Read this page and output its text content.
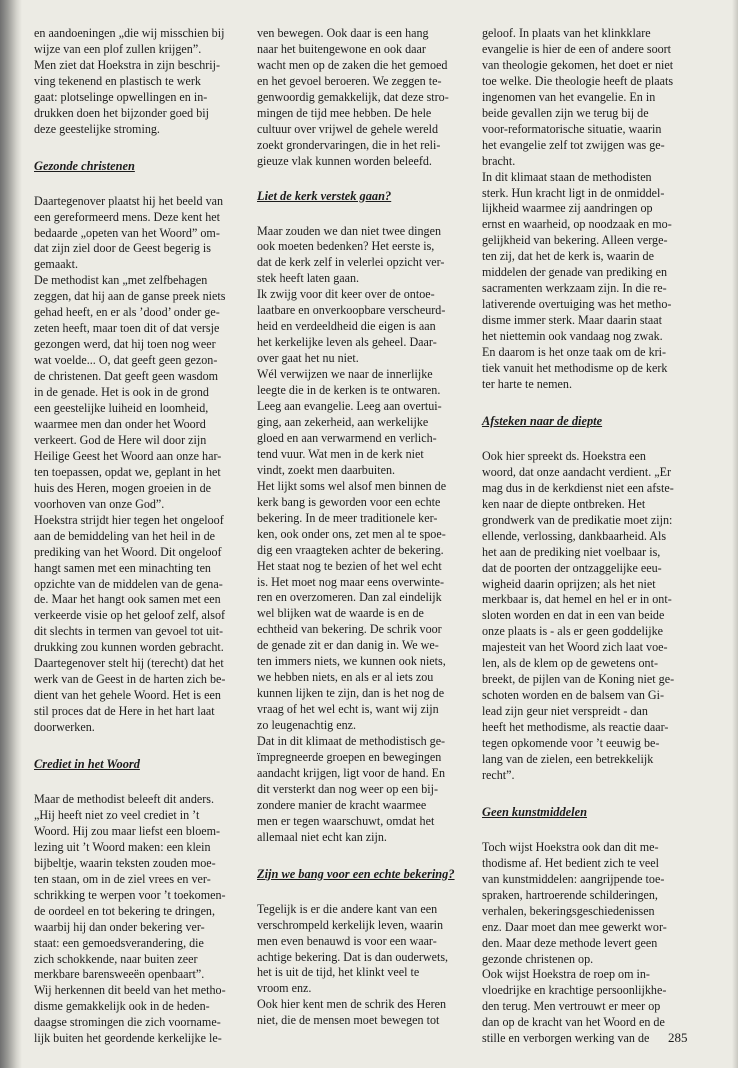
en aandoeningen „die wij misschien bij
wijze van een plof zullen krijgen”.
Men ziet dat Hoekstra in zijn beschrij-
ving tekenend en plastisch te werk
gaat: plotselinge opwellingen en in-
drukken doen het bijzonder goed bij
deze geestelijke stroming.

Gezonde christenen

Daartegenover plaatst hij het beeld van
een gereformeerd mens. Deze kent het
bedaarde „opeten van het Woord” om-
dat zijn ziel door de Geest begerig is
gemaakt.
De methodist kan „met zelfbehagen
zeggen, dat hij aan de ganse preek niets
gehad heeft, en er als ’dood’ onder ge-
zeten heeft, maar toen dit of dat versje
gezongen werd, dat hij toen nog weer
wat voelde... O, dat geeft geen gezon-
de christenen. Dat geeft geen wasdom
in de genade. Het is ook in de grond
een geestelijke luiheid en loomheid,
waarmee men dan onder het Woord
verkeert. God de Here wil door zijn
Heilige Geest het Woord aan onze har-
ten toepassen, opdat we, geplant in het
huis des Heren, mogen groeien in de
voorhoven van onze God”.
Hoekstra strijdt hier tegen het ongeloof
aan de bemiddeling van het heil in de
prediking van het Woord. Dit ongeloof
hangt samen met een minachting ten
opzichte van de middelen van de gena-
de. Maar het hangt ook samen met een
verkeerde visie op het geloof zelf, alsof
dit slechts in termen van gevoel tot uit-
drukking zou kunnen worden gebracht.
Daartegenover stelt hij (terecht) dat het
werk van de Geest in de harten zich be-
dient van het gehele Woord. Het is een
stil proces dat de Here in het hart laat
doorwerken.

Crediet in het Woord

Maar de methodist beleeft dit anders.
„Hij heeft niet zo veel crediet in ’t
Woord. Hij zou maar liefst een bloem-
lezing uit ’t Woord maken: een klein
bijbeltje, waarin teksten zouden moe-
ten staan, om in de ziel vrees en ver-
schrikking te werpen voor ’t toekomen-
de oordeel en tot bekering te dringen,
waarbij hij dan onder bekering ver-
staat: een gemoedsverandering, die
zich schokkende, naar buiten zeer
merkbare barensweeën openbaart”.
Wij herkennen dit beeld van het metho-
disme gemakkelijk ook in de heden-
daagse stromingen die zich voorname-
lijk buiten het geordende kerkelijke le-

ven bewegen. Ook daar is een hang
naar het buitengewone en ook daar
wacht men op de zaken die het gemoed
en het gevoel beroeren. We zeggen te-
genwoordig gemakkelijk, dat deze stro-
mingen de tijd mee hebben. De hele
cultuur over vrijwel de gehele wereld
zoekt grondervaringen, die in het reli-
gieuze vlak kunnen worden beleefd.

Liet de kerk verstek gaan?

Maar zouden we dan niet twee dingen
ook moeten bedenken? Het eerste is,
dat de kerk zelf in velerlei opzicht ver-
stek heeft laten gaan.
Ik zwijg voor dit keer over de ontoe-
laatbare en onverkoopbare verscheurd-
heid en verdeeldheid die eigen is aan
het kerkelijke leven als geheel. Daar-
over gaat het nu niet.
Wél verwijzen we naar de innerlijke
leegte die in de kerken is te ontwaren.
Leeg aan evangelie. Leeg aan overtui-
ging, aan zekerheid, aan werkelijke
gloed en aan verwarmend en verlich-
tend vuur. Wat men in de kerk niet
vindt, zoekt men daarbuiten.
Het lijkt soms wel alsof men binnen de
kerk bang is geworden voor een echte
bekering. In de meer traditionele ker-
ken, ook onder ons, zet men al te spoe-
dig een vraagteken achter de bekering.
Het staat nog te bezien of het wel echt
is. Het moet nog maar eens overwinte-
ren en overzomeren. Dan zal eindelijk
wel blijken wat de waarde is en de
echtheid van bekering. De schrik voor
de genade zit er dan danig in. We we-
ten immers niets, we kunnen ook niets,
we hebben niets, en als er al iets zou
kunnen lijken te zijn, dan is het nog de
vraag of het wel echt is, want wij zijn
zo leugenachtig enz.
Dat in dit klimaat de methodistisch ge-
ïmpregneerde groepen en bewegingen
aandacht krijgen, ligt voor de hand. En
dit versterkt dan nog weer op een bij-
zondere manier de kracht waarmee
men er tegen waarschuwt, omdat het
allemaal niet echt kan zijn.

Zijn we bang voor een echte bekering?

Tegelijk is er die andere kant van een
verschrompeld kerkelijk leven, waarin
men even benauwd is voor een waar-
achtige bekering. Dat is dan ouderwets,
het is uit de tijd, het klinkt veel te
vroom enz.
Ook hier kent men de schrik des Heren
niet, die de mensen moet bewegen tot

geloof. In plaats van het klinkklare
evangelie is hier de een of andere soort
van theologie gekomen, het doet er niet
toe welke. Die theologie heeft de plaats
ingenomen van het evangelie. En in
beide gevallen zijn we terug bij de
voor-reformatorische situatie, waarin
het evangelie zelf tot zwijgen was ge-
bracht.
In dit klimaat staan de methodisten
sterk. Hun kracht ligt in de onmiddel-
lijkheid waarmee zij aandringen op
ernst en waarheid, op noodzaak en mo-
gelijkheid van bekering. Alleen verge-
ten zij, dat het de kerk is, waarin de
middelen der genade van prediking en
sacramenten werkzaam zijn. In die re-
lativerende overtuiging was het metho-
disme immer sterk. Maar daarin staat
het niettemin ook vandaag nog zwak.
En daarom is het onze taak om de kri-
tiek vanuit het methodisme op de kerk
ter harte te nemen.

Afsteken naar de diepte

Ook hier spreekt ds. Hoekstra een
woord, dat onze aandacht verdient. „Er
mag dus in de kerkdienst niet een afste-
ken naar de diepte ontbreken. Het
grondwerk van de predikatie moet zijn:
ellende, verlossing, dankbaarheid. Als
het aan de prediking niet voelbaar is,
dat de poorten der ontzaggelijke eeu-
wigheid daarin oprijzen; als het niet
merkbaar is, dat hemel en hel er in ont-
sloten worden en dat in een van beide
onze plaats is - als er geen goddelijke
majesteit van het Woord zich laat voe-
len, als de klem op de gewetens ont-
breekt, de pijlen van de Koning niet ge-
schoten worden en de balsem van Gi-
lead zijn geur niet verspreidt - dan
heeft het methodisme, als reactie daar-
tegen opkomende voor ’t eeuwig be-
lang van de zielen, een betrekkelijk
recht”.

Geen kunstmiddelen

Toch wijst Hoekstra ook dan dit me-
thodisme af. Het bedient zich te veel
van kunstmiddelen: aangrijpende toe-
spraken, hartroerende schilderingen,
verhalen, bekeringsgeschiedenissen
enz. Daar moet dan mee gewerkt wor-
den. Maar deze methode levert geen
gezonde christenen op.
Ook wijst Hoekstra de roep om in-
vloedrijke en krachtige persoonlijkhe-
den terug. Men vertrouwt er meer op
dan op de kracht van het Woord en de
stille en verborgen werking van de	285
